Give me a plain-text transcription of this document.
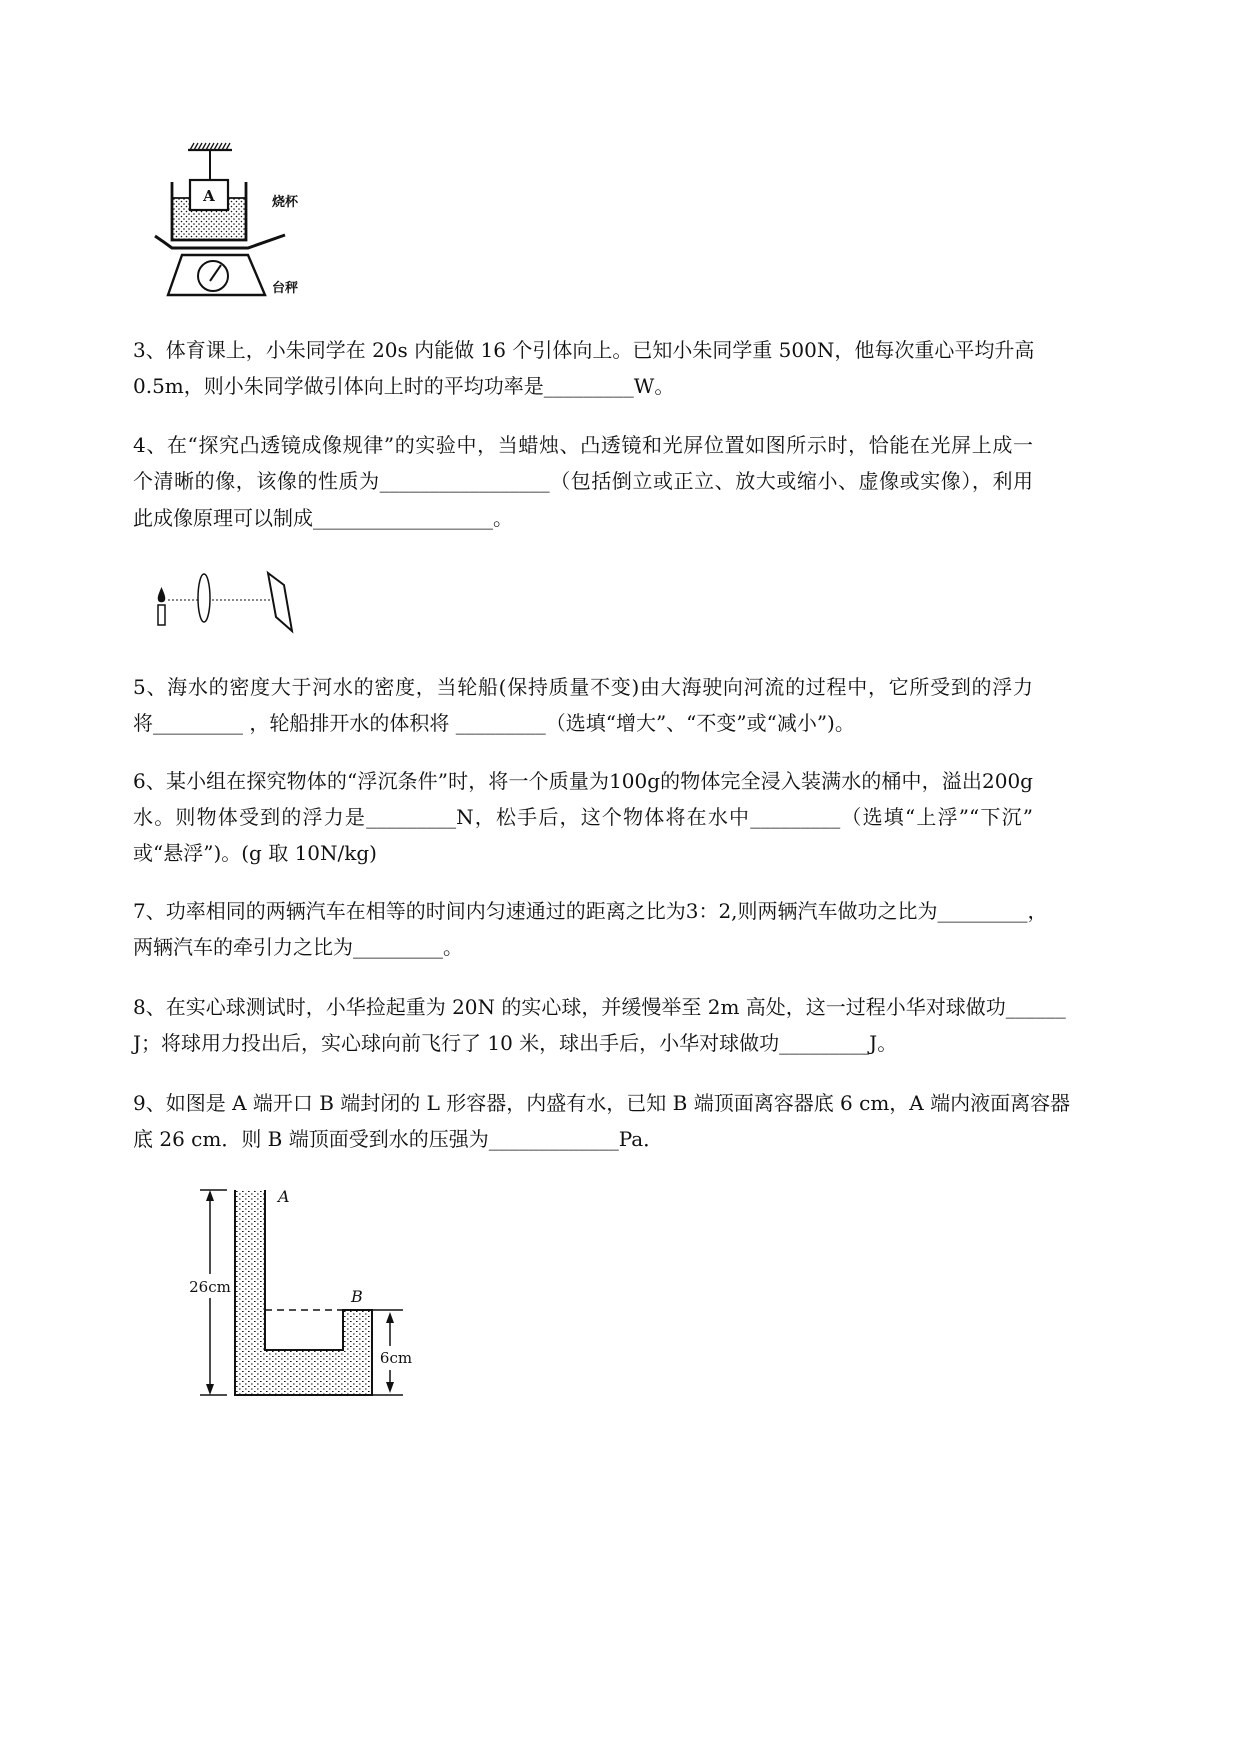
A	烧杯
台秤
3、体育课上，小朱同学在 20s 内能做 16 个引体向上。已知小朱同学重 500N，他每次重心平均升高
0.5m，则小朱同学做引体向上时的平均功率是_________W。
4、在“探究凸透镜成像规律”的实验中，当蜡烛、凸透镜和光屏位置如图所示时，恰能在光屏上成一
个清晰的像，该像的性质为_________________（包括倒立或正立、放大或缩小、虚像或实像），利用
此成像原理可以制成__________________。
5、海水的密度大于河水的密度，当轮船(保持质量不变)由大海驶向河流的过程中，它所受到的浮力
将_________ ，轮船排开水的体积将 _________（选填“增大”、“不变”或“减小”)。
6、某小组在探究物体的“浮沉条件”时，将一个质量为100g的物体完全浸入装满水的桶中，溢出200g
水。则物体受到的浮力是_________N，松手后，这个物体将在水中_________（选填“上浮”“下沉”
或“悬浮”)。(g 取 10N/kg)
7、功率相同的两辆汽车在相等的时间内匀速通过的距离之比为3：2,则两辆汽车做功之比为_________，
两辆汽车的牵引力之比为_________。
8、在实心球测试时，小华捡起重为 20N 的实心球，并缓慢举至 2m 高处，这一过程小华对球做功______
J；将球用力投出后，实心球向前飞行了 10 米，球出手后，小华对球做功_________J。
9、如图是 A 端开口 B 端封闭的 L 形容器，内盛有水，已知 B 端顶面离容器底 6 cm，A 端内液面离容器
底 26 cm．则 B 端顶面受到水的压强为_____________Pa．
A
B
26cm
6cm
